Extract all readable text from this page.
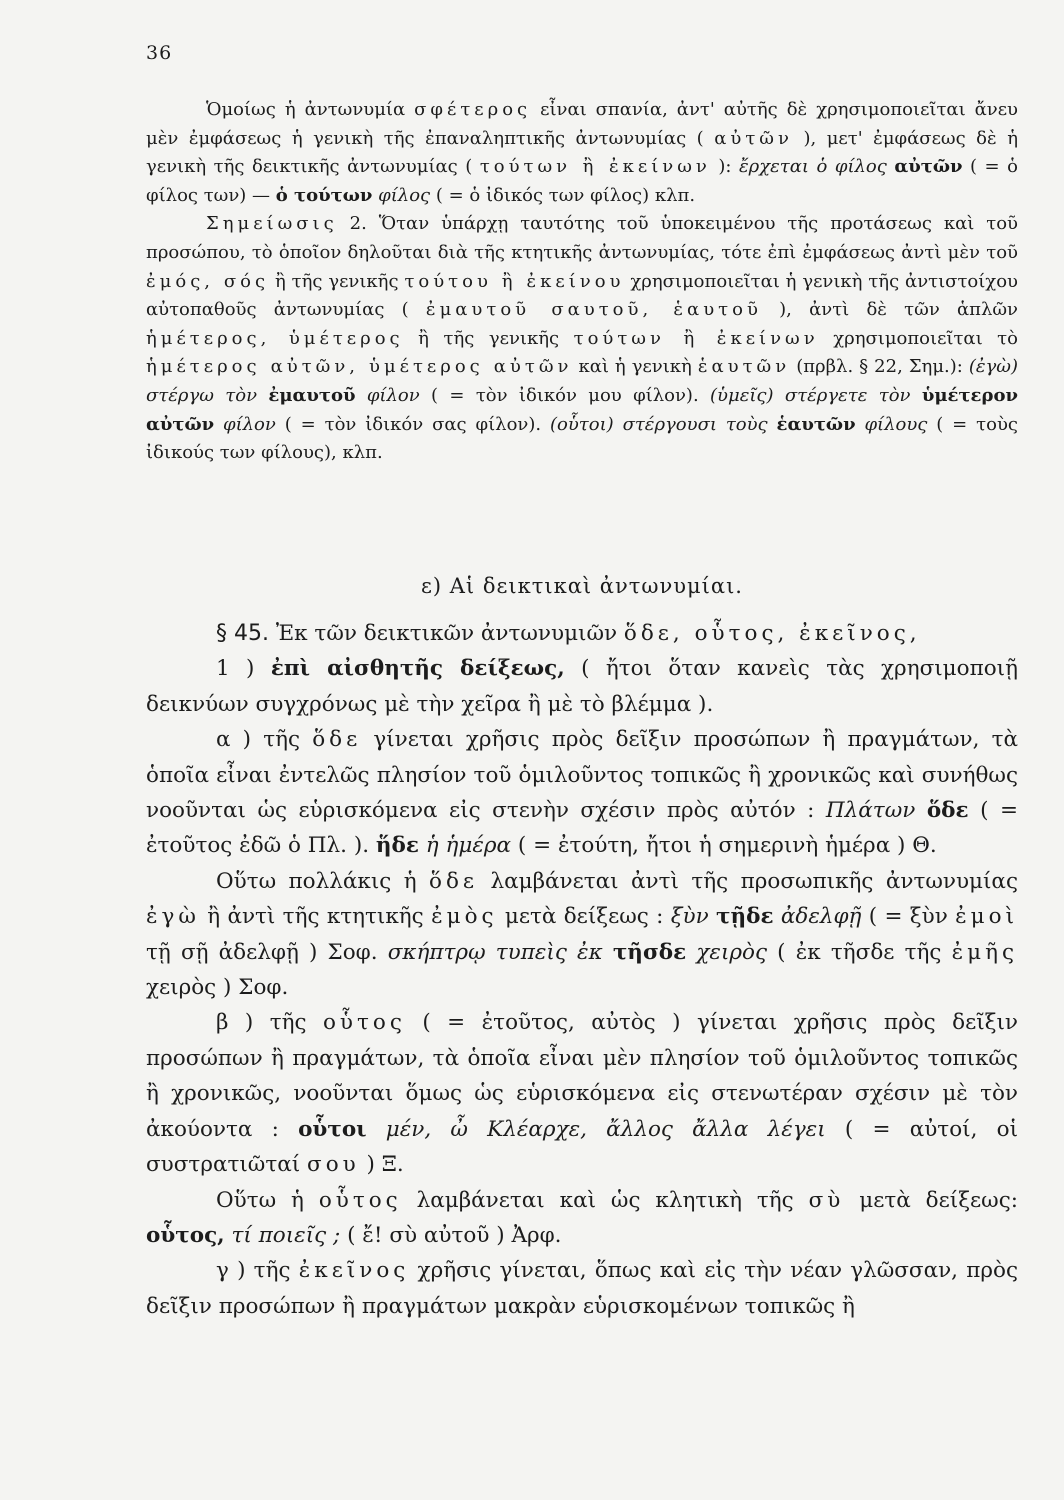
36

Ὁμοίως ἡ ἀντωνυμία σφέτερος εἶναι σπανία, ἀντ' αὐτῆς δὲ χρησιμοποιεῖται ἄνευ μὲν ἐμφάσεως ἡ γενικὴ τῆς ἐπαναληπτικῆς ἀντωνυμίας ( αὐτῶν ), μετ' ἐμφάσεως δὲ ἡ γενικὴ τῆς δεικτικῆς ἀντωνυμίας ( τούτων ἢ ἐκείνων ): ἔρχεται ὁ φίλος αὐτῶν ( = ὁ φίλος των) — ὁ τούτων φίλος ( = ὁ ἰδικός των φίλος) κλπ.

Σημείωσις 2. Ὅταν ὑπάρχῃ ταυτότης τοῦ ὑποκειμένου τῆς προτάσεως καὶ τοῦ προσώπου, τὸ ὁποῖον δηλοῦται διὰ τῆς κτητικῆς ἀντωνυμίας, τότε ἐπὶ ἐμφάσεως ἀντὶ μὲν τοῦ ἐμός, σός ἢ τῆς γενικῆς τούτου ἢ ἐκείνου χρησιμοποιεῖται ἡ γενικὴ τῆς ἀντιστοίχου αὐτοπαθοῦς ἀντωνυμίας ( ἐμαυτοῦ σαυτοῦ, ἑαυτοῦ ), ἀντὶ δὲ τῶν ἁπλῶν ἡμέτερος, ὑμέτερος ἢ τῆς γενικῆς τούτων ἢ ἐκείνων χρησιμοποιεῖται τὸ ἡμέτερος αὐτῶν, ὑμέτερος αὐτῶν καὶ ἡ γενικὴ ἑαυτῶν (πρβλ. § 22, Σημ.): (ἐγὼ) στέργω τὸν ἐμαυτοῦ φίλον ( = τὸν ἰδικόν μου φίλον). (ὑμεῖς) στέργετε τὸν ὑμέτερον αὐτῶν φίλον ( = τὸν ἰδικόν σας φίλον). (οὗτοι) στέργουσι τοὺς ἑαυτῶν φίλους ( = τοὺς ἰδικούς των φίλους), κλπ.

ε) Αἱ δεικτικαὶ ἀντωνυμίαι.

§ 45. Ἐκ τῶν δεικτικῶν ἀντωνυμιῶν ὅδε, οὗτος, ἐκεῖνος,

1 ) ἐπὶ αἰσθητῆς δείξεως, ( ἤτοι ὅταν κανεὶς τὰς χρησιμοποιῇ δεικνύων συγχρόνως μὲ τὴν χεῖρα ἢ μὲ τὸ βλέμμα ).

α ) τῆς ὅδε γίνεται χρῆσις πρὸς δεῖξιν προσώπων ἢ πραγμάτων, τὰ ὁποῖα εἶναι ἐντελῶς πλησίον τοῦ ὁμιλοῦντος τοπικῶς ἢ χρονικῶς καὶ συνήθως νοοῦνται ὡς εὑρισκόμενα εἰς στενὴν σχέσιν πρὸς αὐτόν : Πλάτων ὅδε ( = ἐτοῦτος ἐδῶ ὁ Πλ. ). ἥδε ἡ ἡμέρα ( = ἐτούτη, ἤτοι ἡ σημερινὴ ἡμέρα ) Θ.

Οὕτω πολλάκις ἡ ὅδε λαμβάνεται ἀντὶ τῆς προσωπικῆς ἀντωνυμίας ἐγὼ ἢ ἀντὶ τῆς κτητικῆς ἐμὸς μετὰ δείξεως : ξὺν τῇδε ἀδελφῇ ( = ξὺν ἐμοὶ τῇ σῇ ἀδελφῇ ) Σοφ. σκήπτρῳ τυπεὶς ἐκ τῆσδε χειρὸς ( ἐκ τῆσδε τῆς ἐμῆς χειρὸς ) Σοφ.

β ) τῆς οὗτος ( = ἐτοῦτος, αὐτὸς ) γίνεται χρῆσις πρὸς δεῖξιν προσώπων ἢ πραγμάτων, τὰ ὁποῖα εἶναι μὲν πλησίον τοῦ ὁμιλοῦντος τοπικῶς ἢ χρονικῶς, νοοῦνται ὅμως ὡς εὑρισκόμενα εἰς στενωτέραν σχέσιν μὲ τὸν ἀκούοντα : οὗτοι μέν, ὦ Κλέαρχε, ἄλλος ἄλλα λέγει ( = αὐτοί, οἱ συστρατιῶταί σου ) Ξ.

Οὕτω ἡ οὗτος λαμβάνεται καὶ ὡς κλητικὴ τῆς σὺ μετὰ δείξεως: οὗτος, τί ποιεῖς ; ( ἔ! σὺ αὐτοῦ ) Ἀρφ.

γ ) τῆς ἐκεῖνος χρῆσις γίνεται, ὅπως καὶ εἰς τὴν νέαν γλῶσσαν, πρὸς δεῖξιν προσώπων ἢ πραγμάτων μακρὰν εὑρισκομένων τοπικῶς ἢ
